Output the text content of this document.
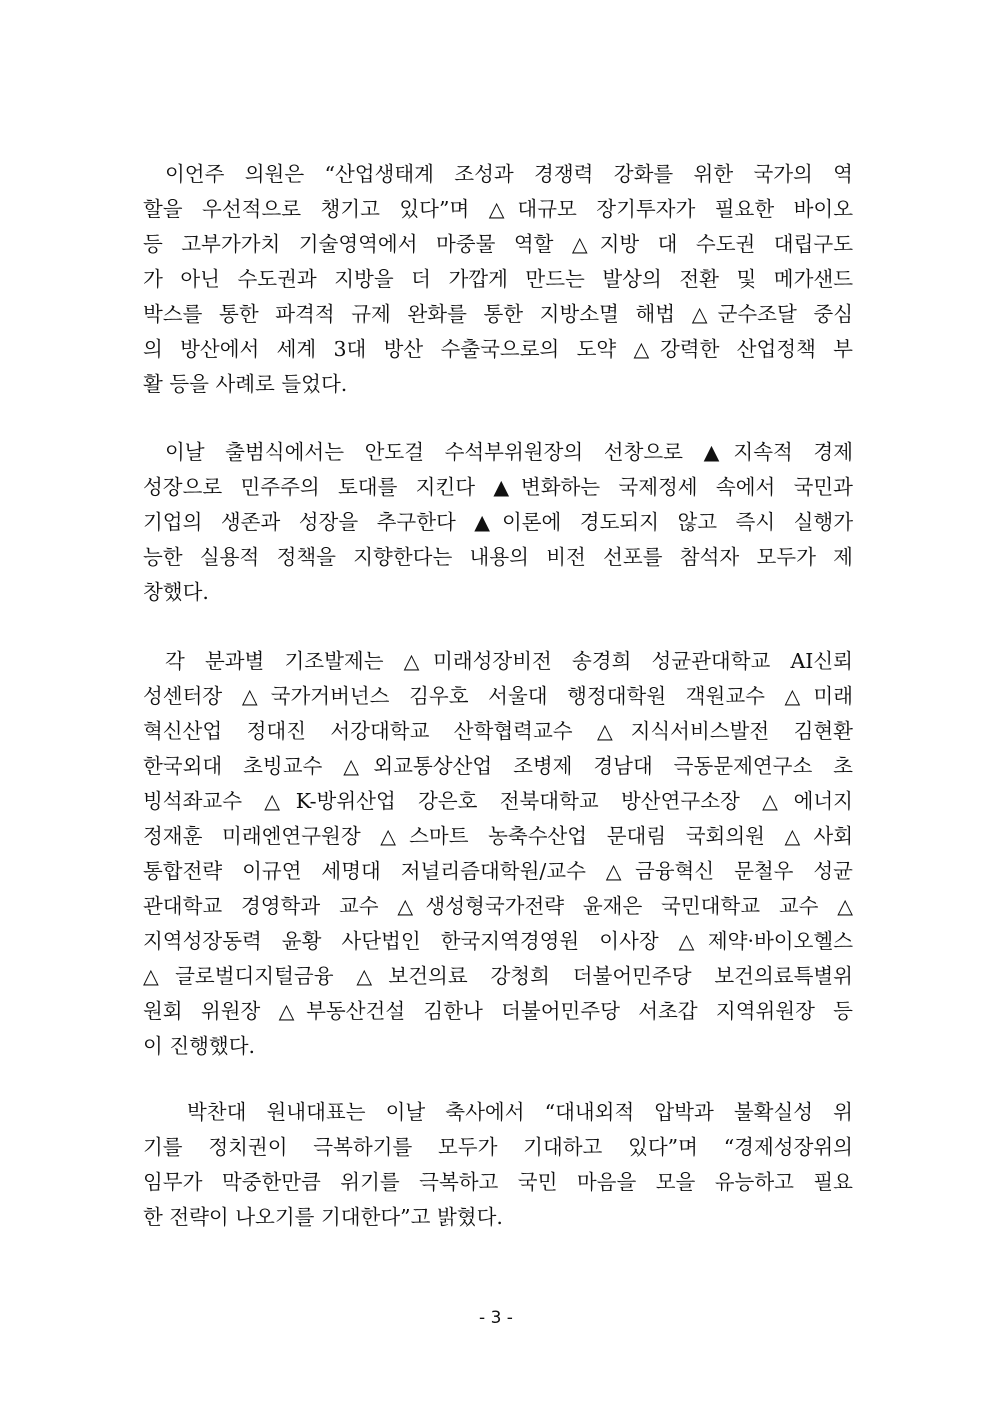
이언주 의원은 “산업생태계 조성과 경쟁력 강화를 위한 국가의 역
할을 우선적으로 챙기고 있다”며 △대규모 장기투자가 필요한 바이오
등 고부가가치 기술영역에서 마중물 역할 △지방 대 수도권 대립구도
가 아닌 수도권과 지방을 더 가깝게 만드는 발상의 전환 및 메가샌드
박스를 통한 파격적 규제 완화를 통한 지방소멸 해법 △군수조달 중심
의 방산에서 세계 3대 방산 수출국으로의 도약 △강력한 산업정책 부
활 등을 사례로 들었다.
이날 출범식에서는 안도걸 수석부위원장의 선창으로 ▲지속적 경제
성장으로 민주주의 토대를 지킨다 ▲변화하는 국제정세 속에서 국민과
기업의 생존과 성장을 추구한다 ▲이론에 경도되지 않고 즉시 실행가
능한 실용적 정책을 지향한다는 내용의 비전 선포를 참석자 모두가 제
창했다.
각 분과별 기조발제는 △미래성장비전 송경희 성균관대학교 AI신뢰
성센터장 △국가거버넌스 김우호 서울대 행정대학원 객원교수 △미래
혁신산업 정대진 서강대학교 산학협력교수 △지식서비스발전 김현환
한국외대 초빙교수 △외교통상산업 조병제 경남대 극동문제연구소 초
빙석좌교수 △K-방위산업 강은호 전북대학교 방산연구소장 △에너지
정재훈 미래엔연구원장 △스마트 농축수산업 문대림 국회의원 △사회
통합전략 이규연 세명대 저널리즘대학원/교수 △금융혁신 문철우 성균
관대학교 경영학과 교수 △생성형국가전략 윤재은 국민대학교 교수 △
지역성장동력 윤황 사단법인 한국지역경영원 이사장 △제약·바이오헬스
△글로벌디지털금융 △보건의료 강청희 더불어민주당 보건의료특별위
원회 위원장 △부동산건설 김한나 더불어민주당 서초갑 지역위원장 등
이 진행했다.
박찬대 원내대표는 이날 축사에서 “대내외적 압박과 불확실성 위
기를 정치권이 극복하기를 모두가 기대하고 있다”며 “경제성장위의
임무가 막중한만큼 위기를 극복하고 국민 마음을 모을 유능하고 필요
한 전략이 나오기를 기대한다”고 밝혔다.
- 3 -
